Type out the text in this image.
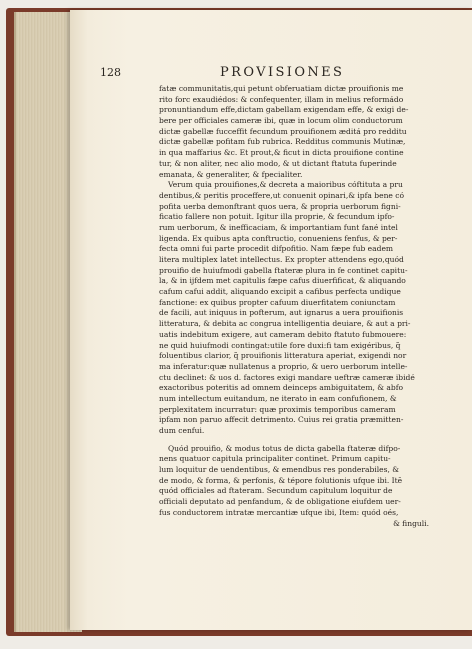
128	PROVISIONES
fatæ communitatis,qui petunt obferuatiam dictæ prouifionis me
rito forc exaudiédos: & confequenter, illam in melius reformádo
pronuntiandum effe,dictam gabellam exigendam effe, & exigi de-
bere per officiales cameræ ibi, quæ in locum olim conductorum
dictæ gabellæ fucceffit fecundum prouifionem æditá pro redditu
dictæ gabellæ pofitam fub rubrica. Redditus communis Mutinæ,
in qua maffarius &c. Et prout,& ficut in dicta prouifione contine
tur, & non aliter, nec alio modo, & ut dictant ftatuta fuperinde
emanata, & generaliter, & fpecialiter.
Verum quia prouifiones,& decreta a maioribus cóftituta a pru
dentibus,& peritis proceffere,ut conuenit opinari,& ipfa bene có
pofita uerba demonftrant quos uera, & propria uerborum figni-
ficatio fallere non potuit. Igitur illa proprie, & fecundum ipfo-
rum uerborum, & inefficaciam, & importantiam funt fané intel
ligenda. Ex quibus apta conftructio, conueniens fenfus, & per-
fecta omni fui parte procedit difpofitio. Nam fæpe fub eadem
litera multiplex latet intellectus. Ex propter attendens ego,quód
prouifio de huiufmodi gabella ftateræ plura in fe continet capitu-
la, & in ijfdem met capitulis fæpe cafus diuerfificat, & aliquando
cafum cafui addit, aliquando excipit a cafibus perfecta undique
fanctione: ex quibus propter cafuum diuerfitatem coniunctam
de facili, aut iniquus in pofterum, aut ignarus a uera prouifionis
litteratura, & debita ac congrua intelligentia deuiare, & aut a pri-
uatis indebitum exigere, aut cameram debito ftatuto fubmouere:
ne quid huiufmodi contingat:utile fore duxi:fi tam exigéribus, q̃
foluentibus clarior, q̃ prouifionis litteratura aperiat, exigendi nor
ma inferatur:quæ nullatenus a proprio, & uero uerborum intelle-
ctu declinet: & uos d. factores exigi mandare ueftræ cameræ ibidé
exactoribus poteritis ad omnem deinceps ambiguitatem, & abfo
num intellectum euitandum, ne iterato in eam confufionem, &
perplexitatem incurratur: quæ proximis temporibus cameram
ipfam non paruo affecit detrimento. Cuius rei gratia præmitten-
dum cenfui.
Quód prouifio, & modus totus de dicta gabella ftateræ difpo-
nens quatuor capitula principaliter continet. Primum capitu-
lum loquitur de uendentibus, & emendbus res ponderabiles, &
de modo, & forma, & perfonis, & tépore folutionis ufque ibi. Itē
quód officiales ad ftateram. Secundum capitulum loquitur de
officiali deputato ad penfandum, & de obligatione eiufdem uer-
fus conductorem intratæ mercantiæ ufque ibi, Item: quód oés,
& finguli.
